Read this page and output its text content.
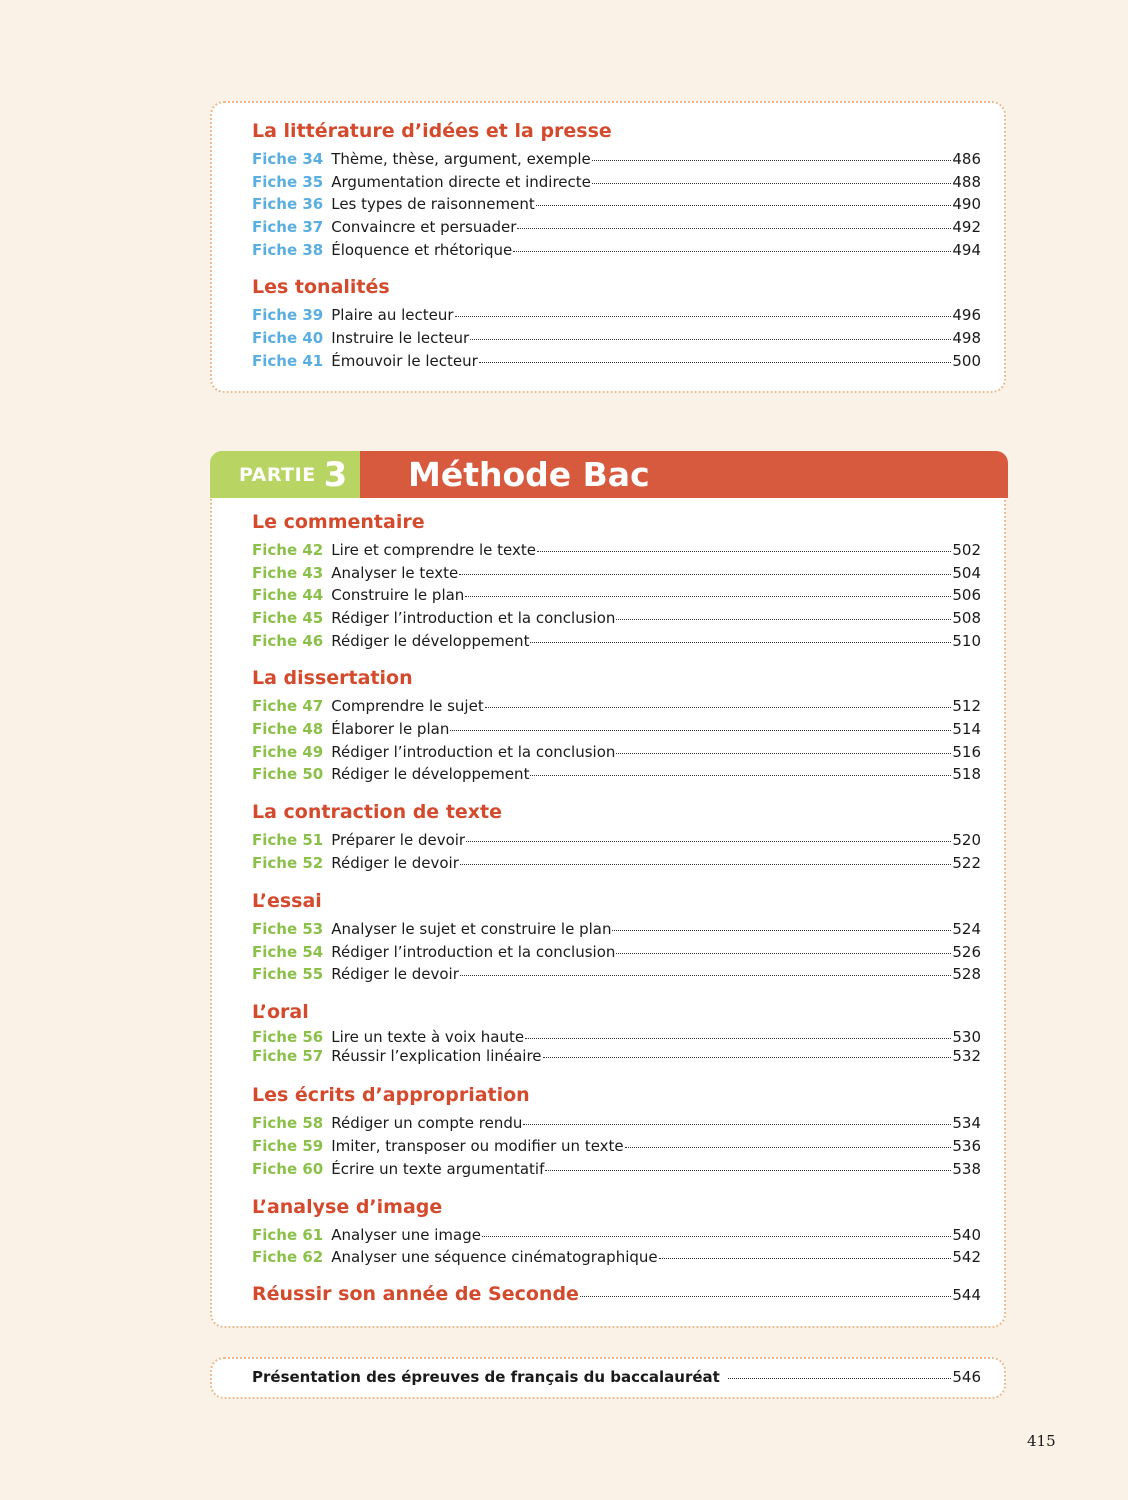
La littérature d’idées et la presse
Fiche 34 Thème, thèse, argument, exemple	486
Fiche 35 Argumentation directe et indirecte	488
Fiche 36 Les types de raisonnement	490
Fiche 37 Convaincre et persuader	492
Fiche 38 Éloquence et rhétorique	494
Les tonalités
Fiche 39 Plaire au lecteur	496
Fiche 40 Instruire le lecteur	498
Fiche 41 Émouvoir le lecteur	500
PARTIE 3	Méthode Bac
Le commentaire
Fiche 42 Lire et comprendre le texte	502
Fiche 43 Analyser le texte	504
Fiche 44 Construire le plan	506
Fiche 45 Rédiger l’introduction et la conclusion	508
Fiche 46 Rédiger le développement	510
La dissertation
Fiche 47 Comprendre le sujet	512
Fiche 48 Élaborer le plan	514
Fiche 49 Rédiger l’introduction et la conclusion	516
Fiche 50 Rédiger le développement	518
La contraction de texte
Fiche 51 Préparer le devoir	520
Fiche 52 Rédiger le devoir	522
L’essai
Fiche 53 Analyser le sujet et construire le plan	524
Fiche 54 Rédiger l’introduction et la conclusion	526
Fiche 55 Rédiger le devoir	528
L’oral
Fiche 56 Lire un texte à voix haute	530
Fiche 57 Réussir l’explication linéaire	532
Les écrits d’appropriation
Fiche 58 Rédiger un compte rendu	534
Fiche 59 Imiter, transposer ou modifier un texte	536
Fiche 60 Écrire un texte argumentatif	538
L’analyse d’image
Fiche 61 Analyser une image	540
Fiche 62 Analyser une séquence cinématographique	542
Réussir son année de Seconde	544
Présentation des épreuves de français du baccalauréat	546
415
